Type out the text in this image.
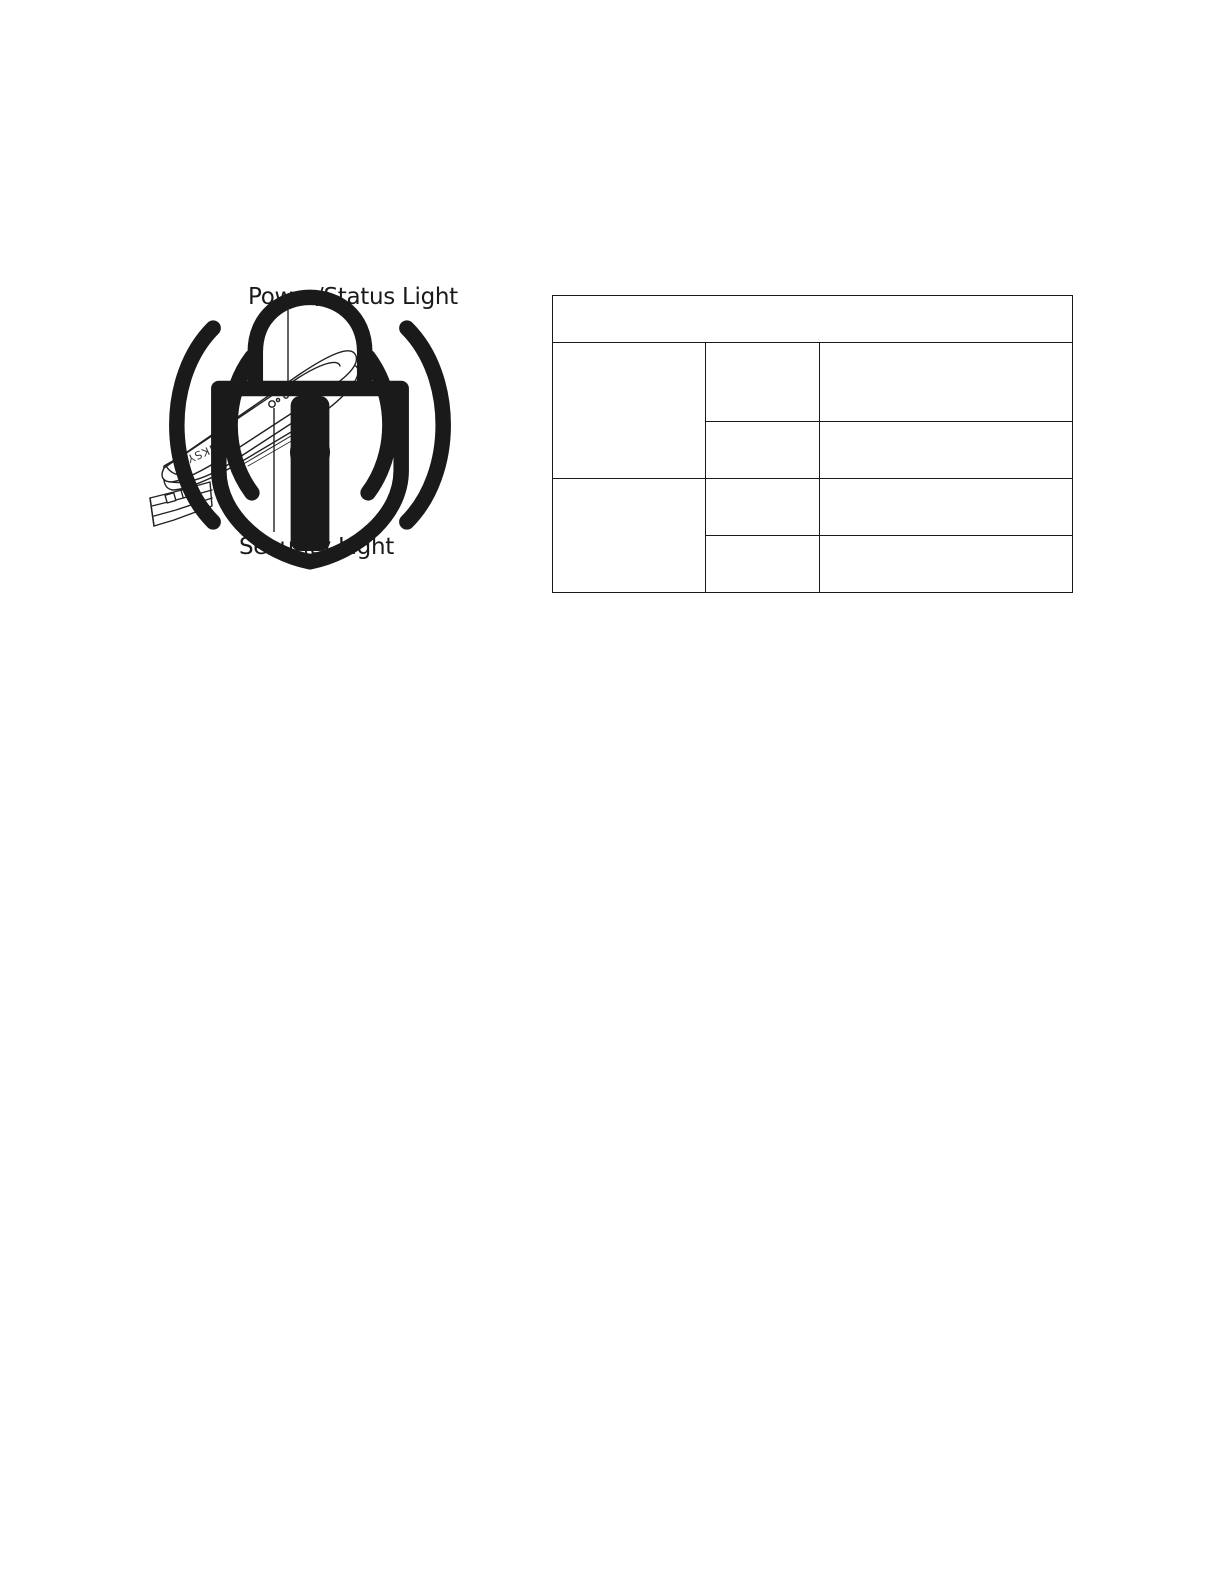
LINKSYS
Power/Status Light
Security Light
